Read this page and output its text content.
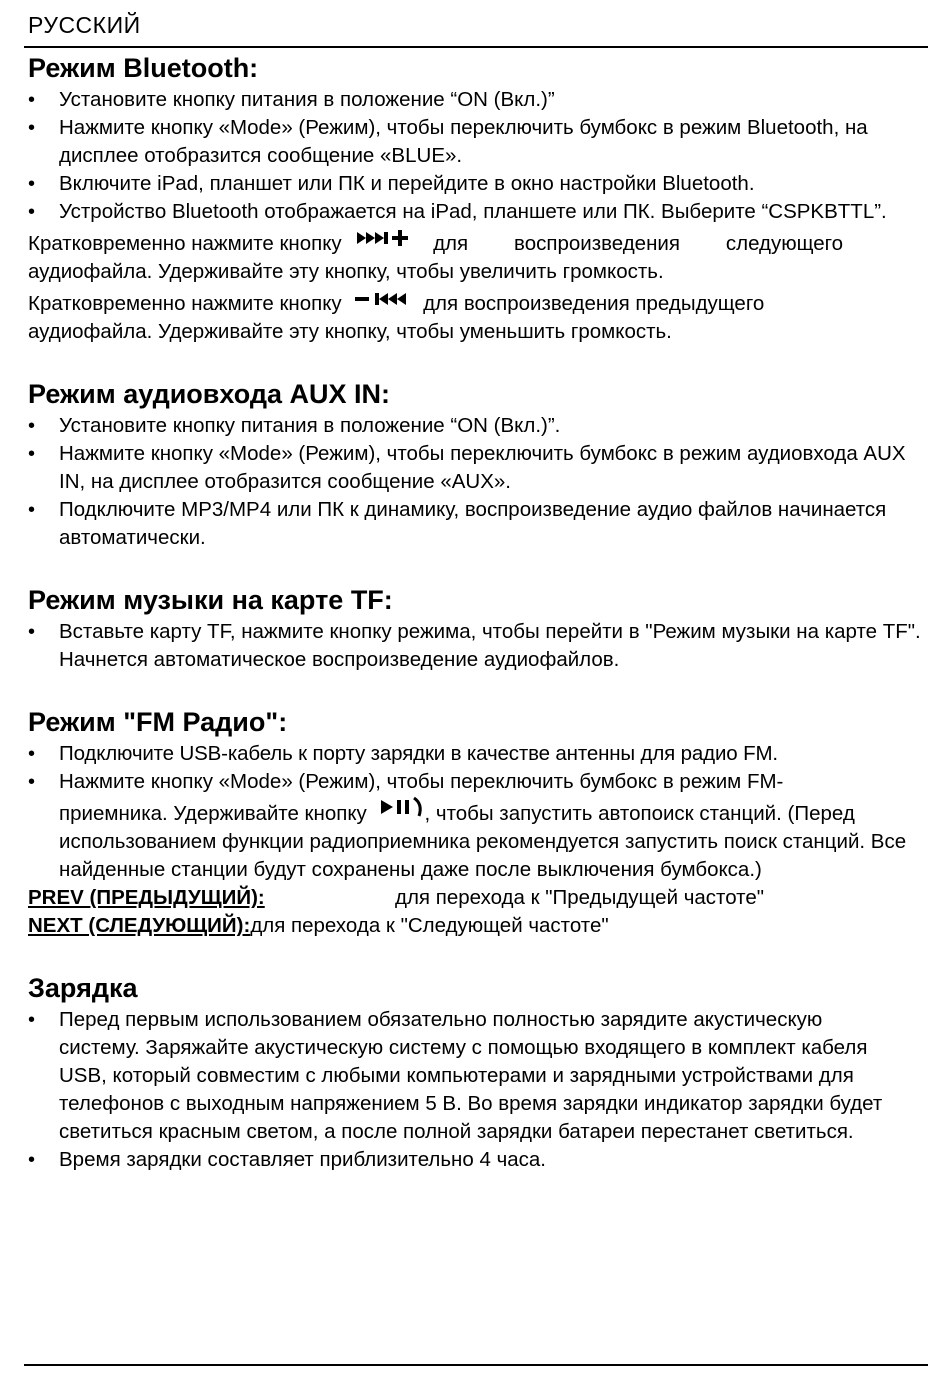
РУССКИЙ
Режим Bluetooth:
• Установите кнопку питания в положение “ON (Вкл.)”
• Нажмите кнопку «Mode» (Режим), чтобы переключить бумбокс в режим Bluetooth, на дисплее отобразится сообщение «BLUE».
• Включите iPad, планшет или ПК и перейдите в окно настройки Bluetooth.
• Устройство Bluetooth отображается на iPad, планшете или ПК. Выберите “CSPKBTTL”.

Кратковременно нажмите кнопку	для воспроизведения следующего

аудиофайла. Удерживайте эту кнопку, чтобы увеличить громкость.

Кратковременно нажмите кнопку	для воспроизведения предыдущего

аудиофайла. Удерживайте эту кнопку, чтобы уменьшить громкость.

Режим аудиовхода AUX IN:
• Установите кнопку питания в положение “ON (Вкл.)”.
• Нажмите кнопку «Mode» (Режим), чтобы переключить бумбокс в режим аудиовхода AUX IN, на дисплее отобразится сообщение «AUX».
• Подключите MP3/MP4 или ПК к динамику, воспроизведение аудио файлов начинается автоматически.
Режим музыки на карте TF:
• Вставьте карту TF, нажмите кнопку режима, чтобы перейти в "Режим музыки на карте TF". Начнется автоматическое воспроизведение аудиофайлов.
Режим "FM Радио":
• Подключите USB-кабель к порту зарядки в качестве антенны для радио FM.
• Нажмите кнопку «Mode» (Режим), чтобы переключить бумбокс в режим FM-
приемника. Удерживайте кнопку	, чтобы запустить автопоиск станций. (Перед использованием функции радиоприемника рекомендуется запустить поиск станций. Все найденные станции будут сохранены даже после выключения бумбокса.)
PREV (ПРЕДЫДУЩИЙ):	для перехода к "Предыдущей частоте"
NEXT (СЛЕДУЮЩИЙ):для перехода к "Следующей частоте"
Зарядка
• Перед первым использованием обязательно полностью зарядите акустическую систему. Заряжайте акустическую систему с помощью входящего в комплект кабеля USB, который совместим с любыми компьютерами и зарядными устройствами для телефонов с выходным напряжением 5 В. Во время зарядки индикатор зарядки будет светиться красным светом, а после полной зарядки батареи перестанет светиться.
• Время зарядки составляет приблизительно 4 часа.
